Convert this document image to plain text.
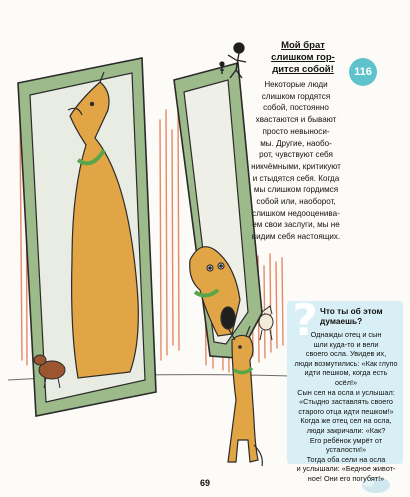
116
Мой брат
слишком гор-
дится собой!

Некоторые люди
слишком гордятся
собой, постоянно
хвастаются и бывают
просто невыноси-
мы. Другие, наобо-
рот, чувствуют себя
никчёмными, критикуют
и стыдятся себя. Когда
мы слишком гордимся
собой или, наоборот,
слишком недооценива-
ем свои заслуги, мы не
видим себя настоящих.

? Что ты об этом
думаешь?

Однажды отец и сын
шли куда-то и вели
своего осла. Увидев их,
люди возмутились: «Как глупо
идти пешком, когда есть осёл!»
Сын сел на осла и услышал:
«Стыдно заставлять своего
старого отца идти пешком!»
Когда же отец сел на осла,
люди закричали: «Как?
Его ребёнок умрёт от усталости!»
Тогда оба сели на осла
и услышали: «Бедное живот-
ное! Они его погубят!»

69
